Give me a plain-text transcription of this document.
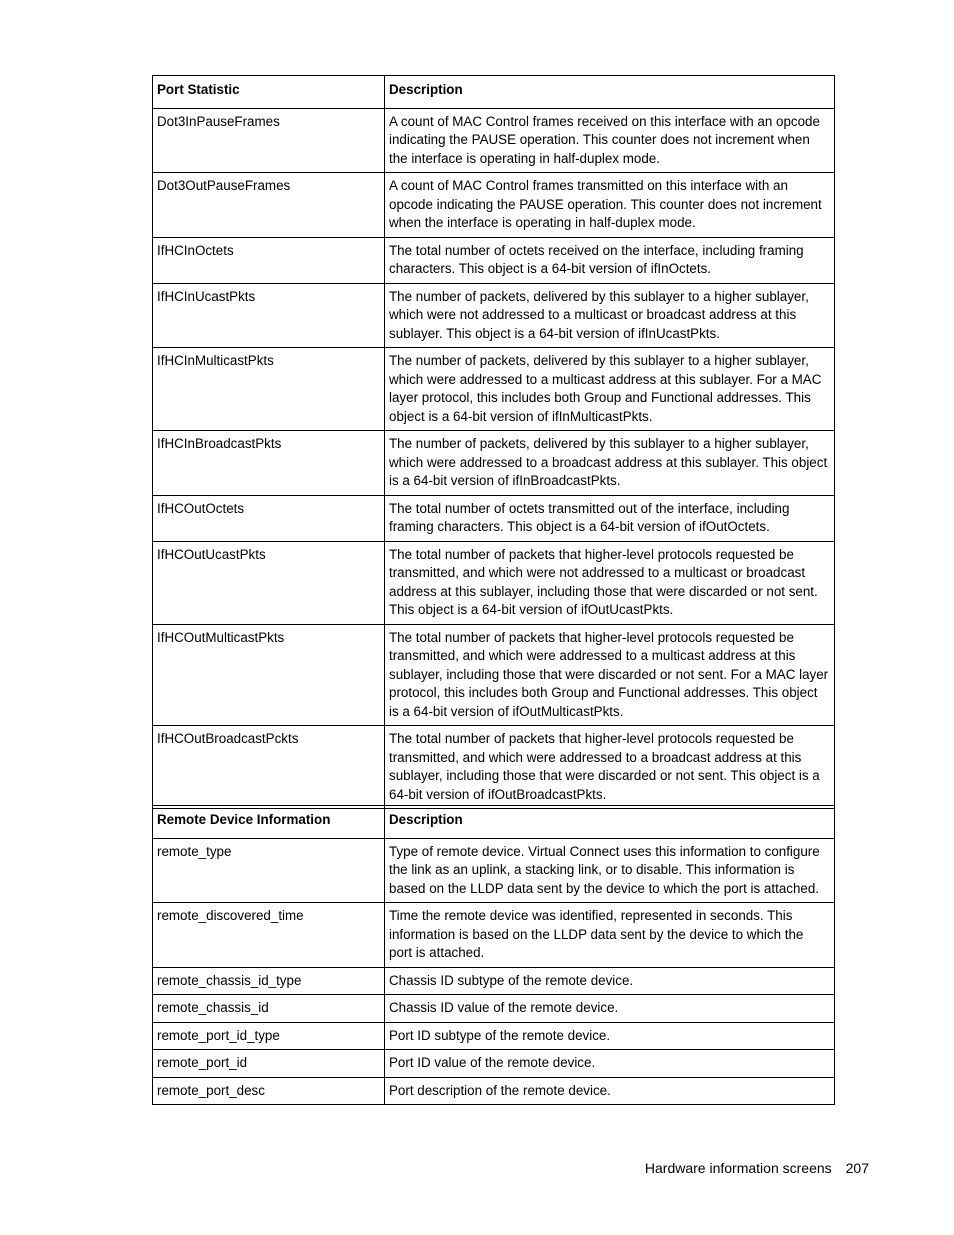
Port Statistic	Description
Dot3InPauseFrames	A count of MAC Control frames received on this interface with an opcode indicating the PAUSE operation. This counter does not increment when the interface is operating in half-duplex mode.
Dot3OutPauseFrames	A count of MAC Control frames transmitted on this interface with an opcode indicating the PAUSE operation. This counter does not increment when the interface is operating in half-duplex mode.
IfHCInOctets	The total number of octets received on the interface, including framing characters. This object is a 64-bit version of ifInOctets.
IfHCInUcastPkts	The number of packets, delivered by this sublayer to a higher sublayer, which were not addressed to a multicast or broadcast address at this sublayer. This object is a 64-bit version of ifInUcastPkts.
IfHCInMulticastPkts	The number of packets, delivered by this sublayer to a higher sublayer, which were addressed to a multicast address at this sublayer. For a MAC layer protocol, this includes both Group and Functional addresses. This object is a 64-bit version of ifInMulticastPkts.
IfHCInBroadcastPkts	The number of packets, delivered by this sublayer to a higher sublayer, which were addressed to a broadcast address at this sublayer. This object is a 64-bit version of ifInBroadcastPkts.
IfHCOutOctets	The total number of octets transmitted out of the interface, including framing characters. This object is a 64-bit version of ifOutOctets.
IfHCOutUcastPkts	The total number of packets that higher-level protocols requested be transmitted, and which were not addressed to a multicast or broadcast address at this sublayer, including those that were discarded or not sent. This object is a 64-bit version of ifOutUcastPkts.
IfHCOutMulticastPkts	The total number of packets that higher-level protocols requested be transmitted, and which were addressed to a multicast address at this sublayer, including those that were discarded or not sent. For a MAC layer protocol, this includes both Group and Functional addresses. This object is a 64-bit version of ifOutMulticastPkts.
IfHCOutBroadcastPckts	The total number of packets that higher-level protocols requested be transmitted, and which were addressed to a broadcast address at this sublayer, including those that were discarded or not sent. This object is a 64-bit version of ifOutBroadcastPkts.
Remote Device Information	Description
remote_type	Type of remote device. Virtual Connect uses this information to configure the link as an uplink, a stacking link, or to disable. This information is based on the LLDP data sent by the device to which the port is attached.
remote_discovered_time	Time the remote device was identified, represented in seconds. This information is based on the LLDP data sent by the device to which the port is attached.
remote_chassis_id_type	Chassis ID subtype of the remote device.
remote_chassis_id	Chassis ID value of the remote device.
remote_port_id_type	Port ID subtype of the remote device.
remote_port_id	Port ID value of the remote device.
remote_port_desc	Port description of the remote device.
Hardware information screens 207
